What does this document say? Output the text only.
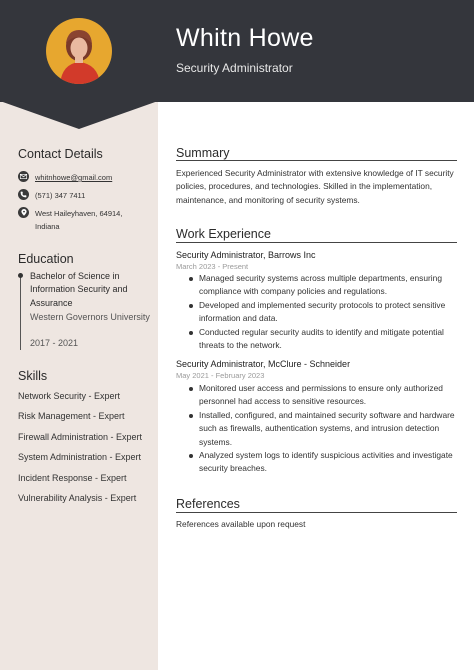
Whitn Howe
Security Administrator
Contact Details
whitnhowe@gmail.com
(571) 347 7411
West Haileyhaven, 64914, Indiana
Education
Bachelor of Science in Information Security and Assurance
Western Governors University
2017 - 2021
Skills
Network Security - Expert
Risk Management - Expert
Firewall Administration - Expert
System Administration - Expert
Incident Response - Expert
Vulnerability Analysis - Expert
Summary
Experienced Security Administrator with extensive knowledge of IT security policies, procedures, and technologies. Skilled in the implementation, maintenance, and monitoring of security systems.
Work Experience
Security Administrator, Barrows Inc
March 2023 - Present
Managed security systems across multiple departments, ensuring compliance with company policies and regulations.
Developed and implemented security protocols to protect sensitive information and data.
Conducted regular security audits to identify and mitigate potential threats to the network.
Security Administrator, McClure - Schneider
May 2021 - February 2023
Monitored user access and permissions to ensure only authorized personnel had access to sensitive resources.
Installed, configured, and maintained security software and hardware such as firewalls, authentication systems, and intrusion detection systems.
Analyzed system logs to identify suspicious activities and investigate security breaches.
References
References available upon request
